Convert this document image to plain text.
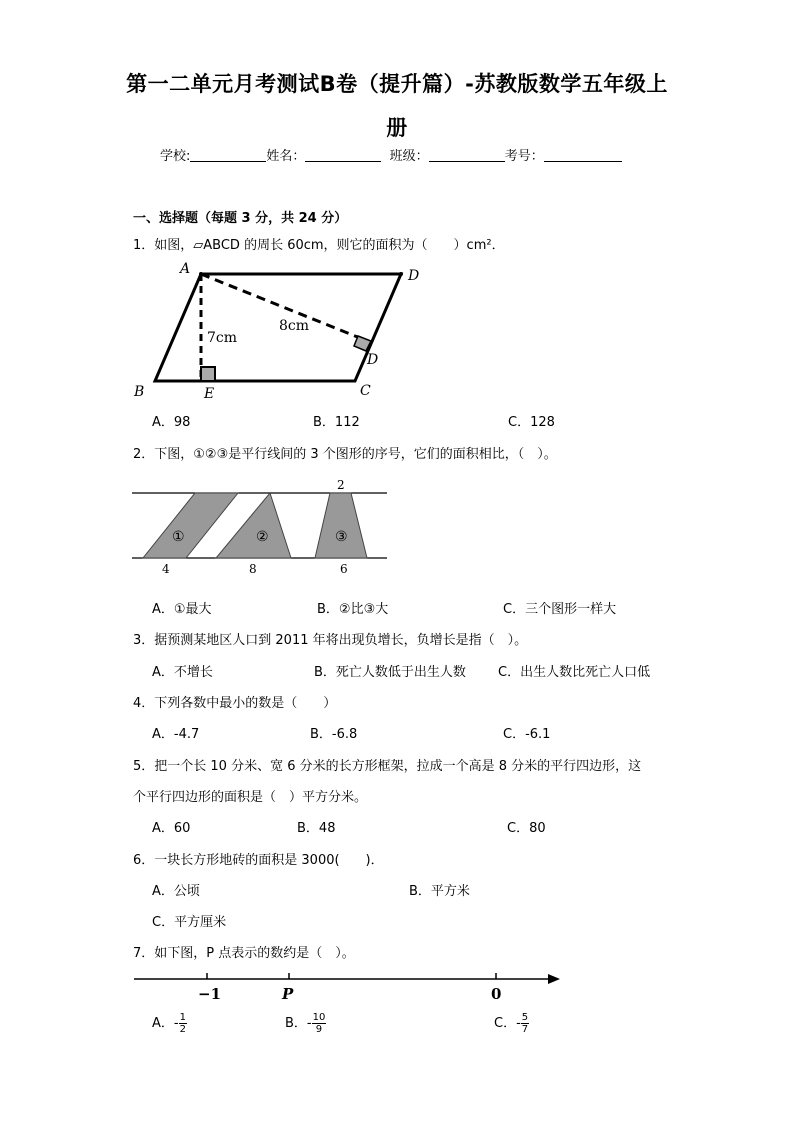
第一二单元月考测试B卷（提升篇）-苏教版数学五年级上
册
学校:	姓名：	班级：	考号：
一、选择题（每题 3 分，共 24 分）
1．如图，▱ABCD 的周长 60cm，则它的面积为（　　）cm²．
A	D
B	C
D
E
7cm
8cm
A．98	B．112	C．128
2．下图，①②③是平行线间的 3 个图形的序号，它们的面积相比，（　）。
①	②	③
2
4	8	6
A．①最大	B．②比③大	C．三个图形一样大
3．据预测某地区人口到 2011 年将出现负增长，负增长是指（　）。
A．不增长	B．死亡人数低于出生人数 C．出生人数比死亡人口低
4．下列各数中最小的数是（　　）
A．-4.7	B．-6.8	C．-6.1
5．把一个长 10 分米、宽 6 分米的长方形框架，拉成一个高是 8 分米的平行四边形，这
个平行四边形的面积是（　）平方分米。
A．60	B．48	C．80
6．一块长方形地砖的面积是 3000(　　)．
A．公顷	B．平方米
C．平方厘米
7．如下图，P 点表示的数约是（　）。
−1	P	0
A．- $\frac{1}{2}$	B．- $\frac{10}{9}$	C．- $\frac{5}{7}$
